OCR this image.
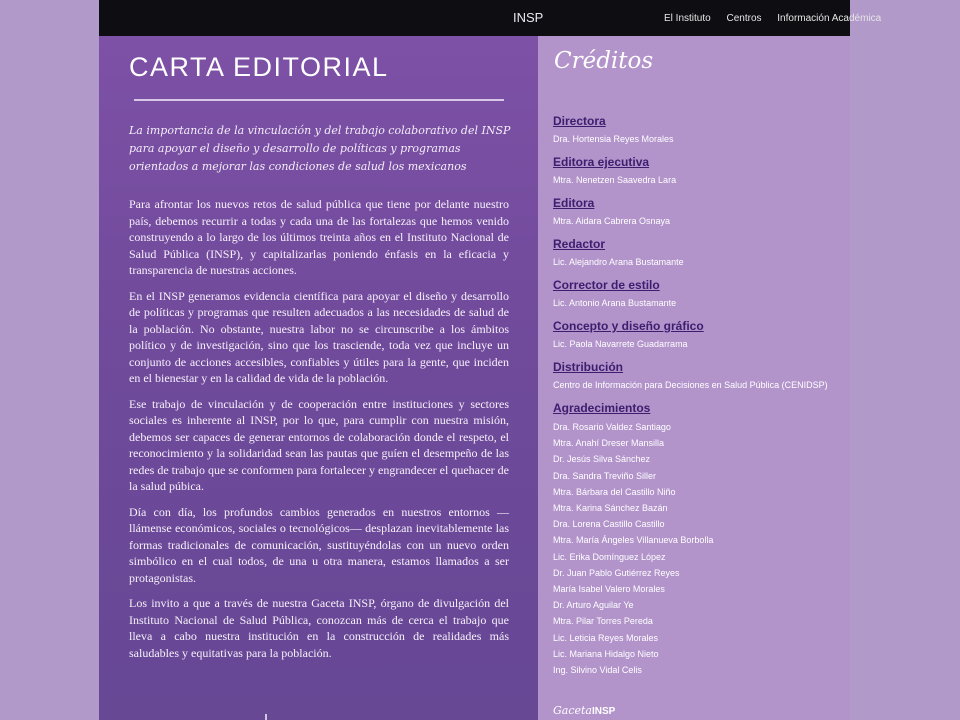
INSP	El Instituto Centros Información Académica
CARTA EDITORIAL
La importancia de la vinculación y del trabajo colaborativo del INSP para apoyar el diseño y desarrollo de políticas y programas orientados a mejorar las condiciones de salud los mexicanos

Para afrontar los nuevos retos de salud pública que tiene por delante nuestro país, debemos recurrir a todas y cada una de las fortalezas que hemos venido construyendo a lo largo de los últimos treinta años en el Instituto Nacional de Salud Pública (INSP), y capitalizarlas poniendo énfasis en la eficacia y transparencia de nuestras acciones.

En el INSP generamos evidencia científica para apoyar el diseño y desarrollo de políticas y programas que resulten adecuados a las necesidades de salud de la población. No obstante, nuestra labor no se circunscribe a los ámbitos político y de investigación, sino que los trasciende, toda vez que incluye un conjunto de acciones accesibles, confiables y útiles para la gente, que inciden en el bienestar y en la calidad de vida de la población.

Ese trabajo de vinculación y de cooperación entre instituciones y sectores sociales es inherente al INSP, por lo que, para cumplir con nuestra misión, debemos ser capaces de generar entornos de colaboración donde el respeto, el reconocimiento y la solidaridad sean las pautas que guíen el desempeño de las redes de trabajo que se conformen para fortalecer y engrandecer el quehacer de la salud púbica.

Día con día, los profundos cambios generados en nuestros entornos —llámense económicos, sociales o tecnológicos— desplazan inevitablemente las formas tradicionales de comunicación, sustituyéndolas con un nuevo orden simbólico en el cual todos, de una u otra manera, estamos llamados a ser protagonistas.

Los invito a que a través de nuestra Gaceta INSP, órgano de divulgación del Instituto Nacional de Salud Pública, conozcan más de cerca el trabajo que lleva a cabo nuestra institución en la construcción de realidades más saludables y equitativas para la población.

Créditos
Directora
Dra. Hortensia Reyes Morales
Editora ejecutiva
Mtra. Nenetzen Saavedra Lara
Editora
Mtra. Aidara Cabrera Osnaya
Redactor
Lic. Alejandro Arana Bustamante
Corrector de estilo
Lic. Antonio Arana Bustamante
Concepto y diseño gráfico
Lic. Paola Navarrete Guadarrama
Distribución
Centro de Información para Decisiones en Salud Pública (CENIDSP)
Agradecimientos
Dra. Rosario Valdez Santiago
Mtra. Anahí Dreser Mansilla
Dr. Jesús Silva Sánchez
Dra. Sandra Treviño Siller
Mtra. Bárbara del Castillo Niño
Mtra. Karina Sánchez Bazán
Dra. Lorena Castillo Castillo
Mtra. María Ángeles Villanueva Borbolla
Lic. Erika Domínguez López
Dr. Juan Pablo Gutiérrez Reyes
María Isabel Valero Morales
Dr. Arturo Aguilar Ye
Mtra. Pilar Torres Pereda
Lic. Leticia Reyes Morales
Lic. Mariana Hidalgo Nieto
Ing. Silvino Vidal Celis
GacetaINSP
